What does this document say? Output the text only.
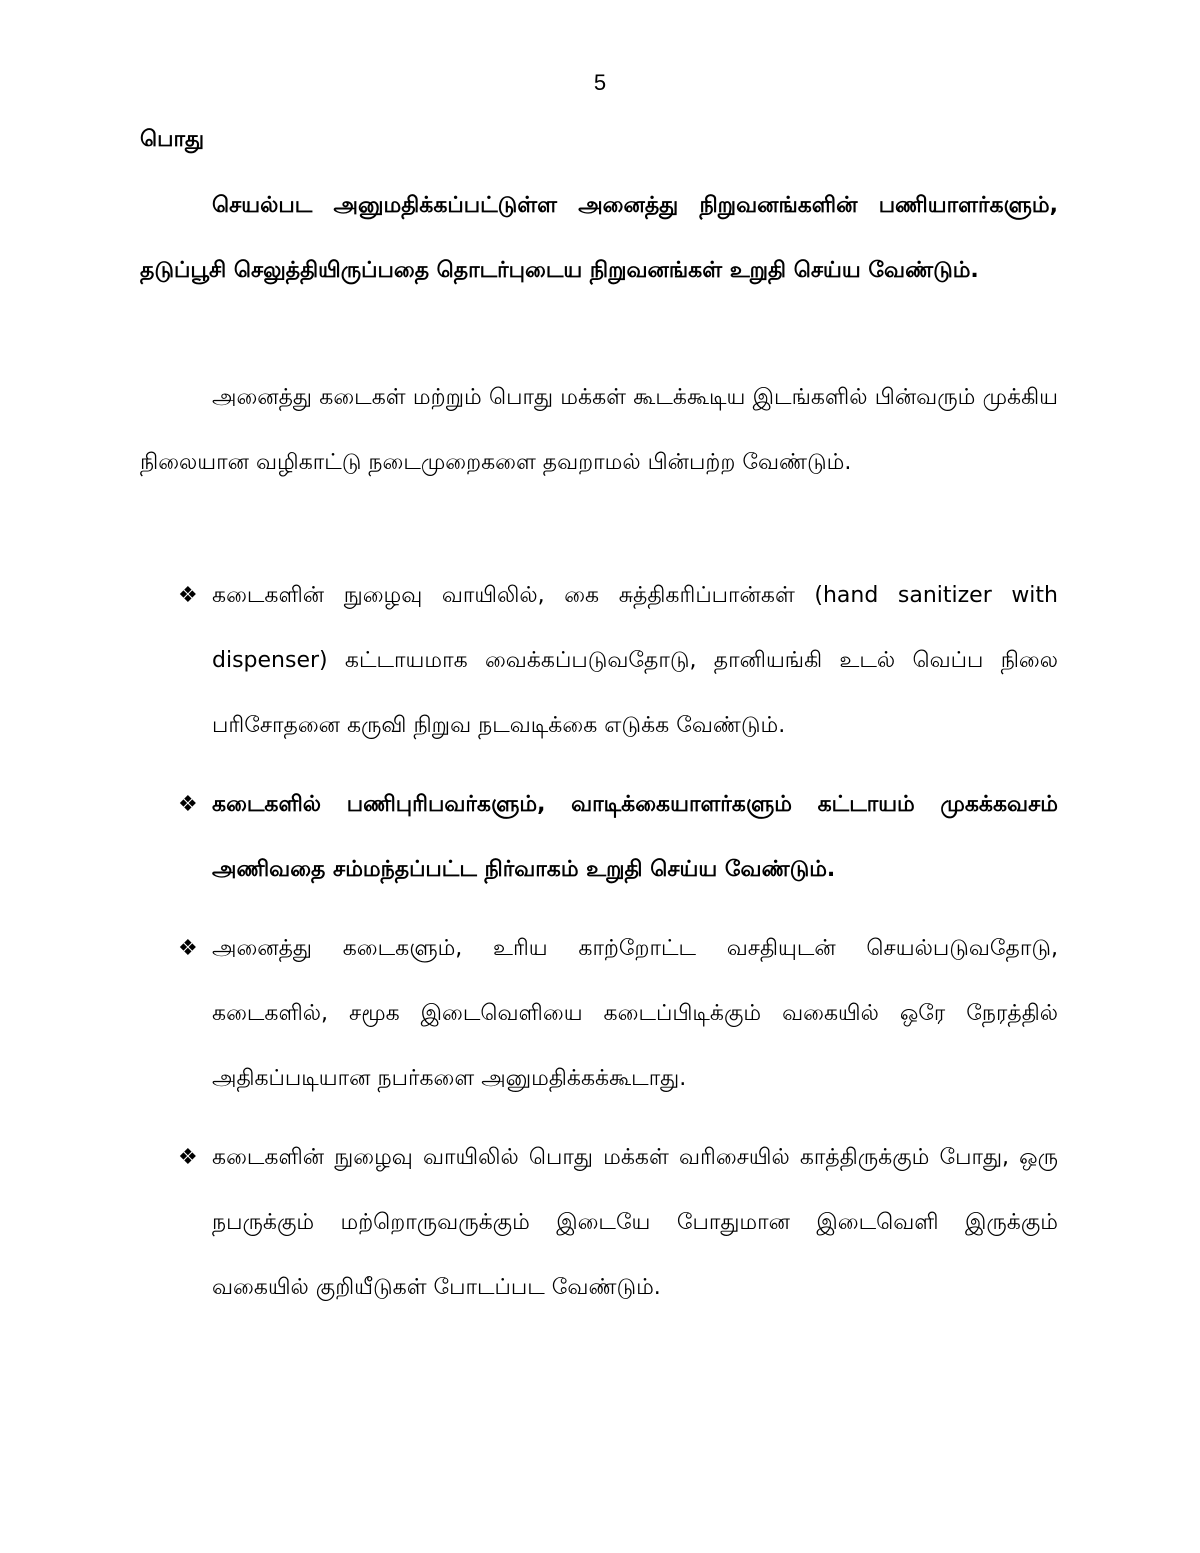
5
பொது

செயல்பட அனுமதிக்கப்பட்டுள்ள அனைத்து நிறுவனங்களின் பணியாளர்களும், தடுப்பூசி செலுத்தியிருப்பதை தொடர்புடைய நிறுவனங்கள் உறுதி செய்ய வேண்டும்.

அனைத்து கடைகள் மற்றும் பொது மக்கள் கூடக்கூடிய இடங்களில் பின்வரும் முக்கிய நிலையான வழிகாட்டு நடைமுறைகளை தவறாமல் பின்பற்ற வேண்டும்.

❖ கடைகளின் நுழைவு வாயிலில், கை சுத்திகரிப்பான்கள் (hand sanitizer with dispenser) கட்டாயமாக வைக்கப்படுவதோடு, தானியங்கி உடல் வெப்ப நிலை பரிசோதனை கருவி நிறுவ நடவடிக்கை எடுக்க வேண்டும்.
❖ கடைகளில் பணிபுரிபவர்களும், வாடிக்கையாளர்களும் கட்டாயம் முகக்கவசம் அணிவதை சம்மந்தப்பட்ட நிர்வாகம் உறுதி செய்ய வேண்டும்.
❖ அனைத்து கடைகளும், உரிய காற்றோட்ட வசதியுடன் செயல்படுவதோடு, கடைகளில், சமூக இடைவெளியை கடைப்பிடிக்கும் வகையில் ஒரே நேரத்தில் அதிகப்படியான நபர்களை அனுமதிக்கக்கூடாது.
❖ கடைகளின் நுழைவு வாயிலில் பொது மக்கள் வரிசையில் காத்திருக்கும் போது, ஒரு நபருக்கும் மற்றொருவருக்கும் இடையே போதுமான இடைவெளி இருக்கும் வகையில் குறியீடுகள் போடப்பட வேண்டும்.
